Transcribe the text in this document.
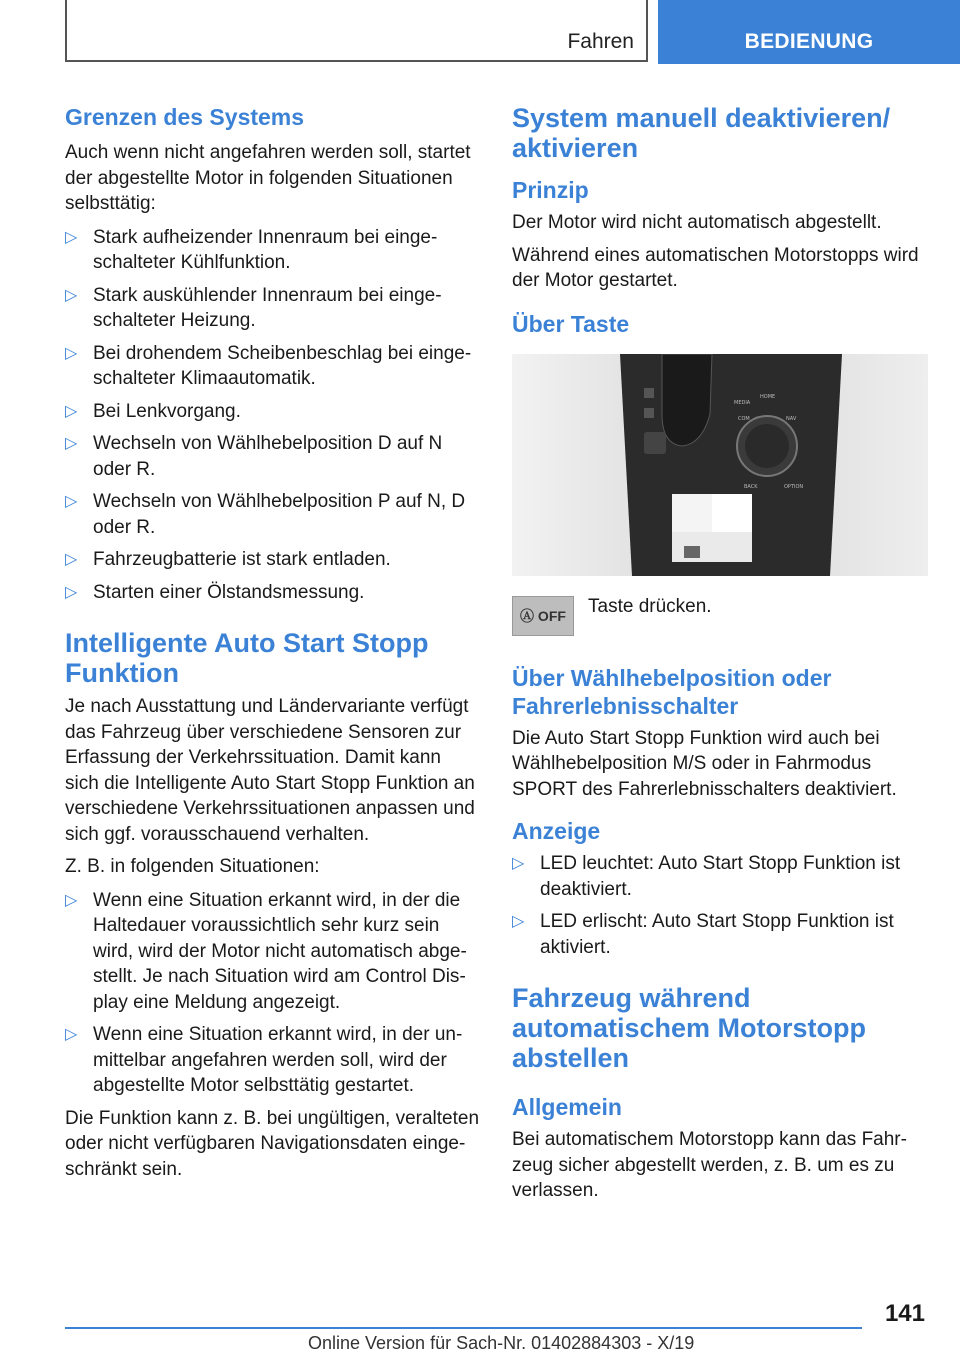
Fahren	BEDIENUNG
Grenzen des Systems

Auch wenn nicht angefahren werden soll, startet der abgestellte Motor in folgenden Situationen selbsttätig:

▷ Stark aufheizender Innenraum bei eingeschalteter Kühlfunktion.
▷ Stark auskühlender Innenraum bei eingeschalteter Heizung.
▷ Bei drohendem Scheibenbeschlag bei eingeschalteter Klimaautomatik.
▷ Bei Lenkvorgang.
▷ Wechseln von Wählhebelposition D auf N oder R.
▷ Wechseln von Wählhebelposition P auf N, D oder R.
▷ Fahrzeugbatterie ist stark entladen.
▷ Starten einer Ölstandsmessung.
Intelligente Auto Start Stopp Funktion

Je nach Ausstattung und Ländervariante verfügt das Fahrzeug über verschiedene Sensoren zur Erfassung der Verkehrssituation. Damit kann sich die Intelligente Auto Start Stopp Funktion an verschiedene Verkehrssituationen anpassen und sich ggf. vorausschauend verhalten.

Z. B. in folgenden Situationen:

▷ Wenn eine Situation erkannt wird, in der die Haltedauer voraussichtlich sehr kurz sein wird, wird der Motor nicht automatisch abgestellt. Je nach Situation wird am Control Display eine Meldung angezeigt.
▷ Wenn eine Situation erkannt wird, in der unmittelbar angefahren werden soll, wird der abgestellte Motor selbsttätig gestartet.

Die Funktion kann z. B. bei ungültigen, veralteten oder nicht verfügbaren Navigationsdaten eingeschränkt sein.

System manuell deaktivieren/ aktivieren
Prinzip

Der Motor wird nicht automatisch abgestellt.

Während eines automatischen Motorstopps wird der Motor gestartet.

Über Taste
MEDIA
HOME
COM	NAV
BACK	OPTION
Ⓐ OFF	Taste drücken.

Über Wählhebelposition oder Fahrerlebnisschalter

Die Auto Start Stopp Funktion wird auch bei Wählhebelposition M/S oder in Fahrmodus SPORT des Fahrerlebnisschalters deaktiviert.

Anzeige
▷ LED leuchtet: Auto Start Stopp Funktion ist deaktiviert.
▷ LED erlischt: Auto Start Stopp Funktion ist aktiviert.
Fahrzeug während automatischem Motorstopp abstellen
Allgemein

Bei automatischem Motorstopp kann das Fahrzeug sicher abgestellt werden, z. B. um es zu verlassen.

141
Online Version für Sach-Nr. 01402884303 - X/19
